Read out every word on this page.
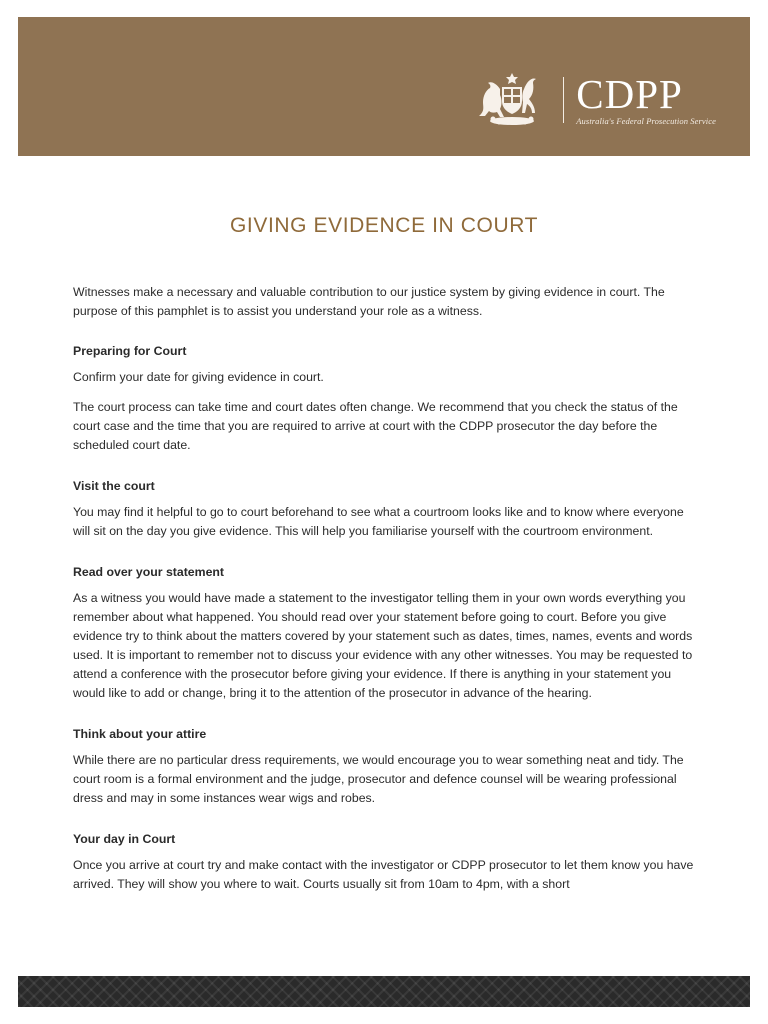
CDPP
Australia's Federal Prosecution Service
GIVING EVIDENCE IN COURT

Witnesses make a necessary and valuable contribution to our justice system by giving evidence in court. The purpose of this pamphlet is to assist you understand your role as a witness.

Preparing for Court

Confirm your date for giving evidence in court.

The court process can take time and court dates often change. We recommend that you check the status of the court case and the time that you are required to arrive at court with the CDPP prosecutor the day before the scheduled court date.

Visit the court

You may find it helpful to go to court beforehand to see what a courtroom looks like and to know where everyone will sit on the day you give evidence. This will help you familiarise yourself with the courtroom environment.

Read over your statement

As a witness you would have made a statement to the investigator telling them in your own words everything you remember about what happened. You should read over your statement before going to court. Before you give evidence try to think about the matters covered by your statement such as dates, times, names, events and words used. It is important to remember not to discuss your evidence with any other witnesses. You may be requested to attend a conference with the prosecutor before giving your evidence. If there is anything in your statement you would like to add or change, bring it to the attention of the prosecutor in advance of the hearing.

Think about your attire

While there are no particular dress requirements, we would encourage you to wear something neat and tidy. The court room is a formal environment and the judge, prosecutor and defence counsel will be wearing professional dress and may in some instances wear wigs and robes.

Your day in Court

Once you arrive at court try and make contact with the investigator or CDPP prosecutor to let them know you have arrived. They will show you where to wait. Courts usually sit from 10am to 4pm, with a short
